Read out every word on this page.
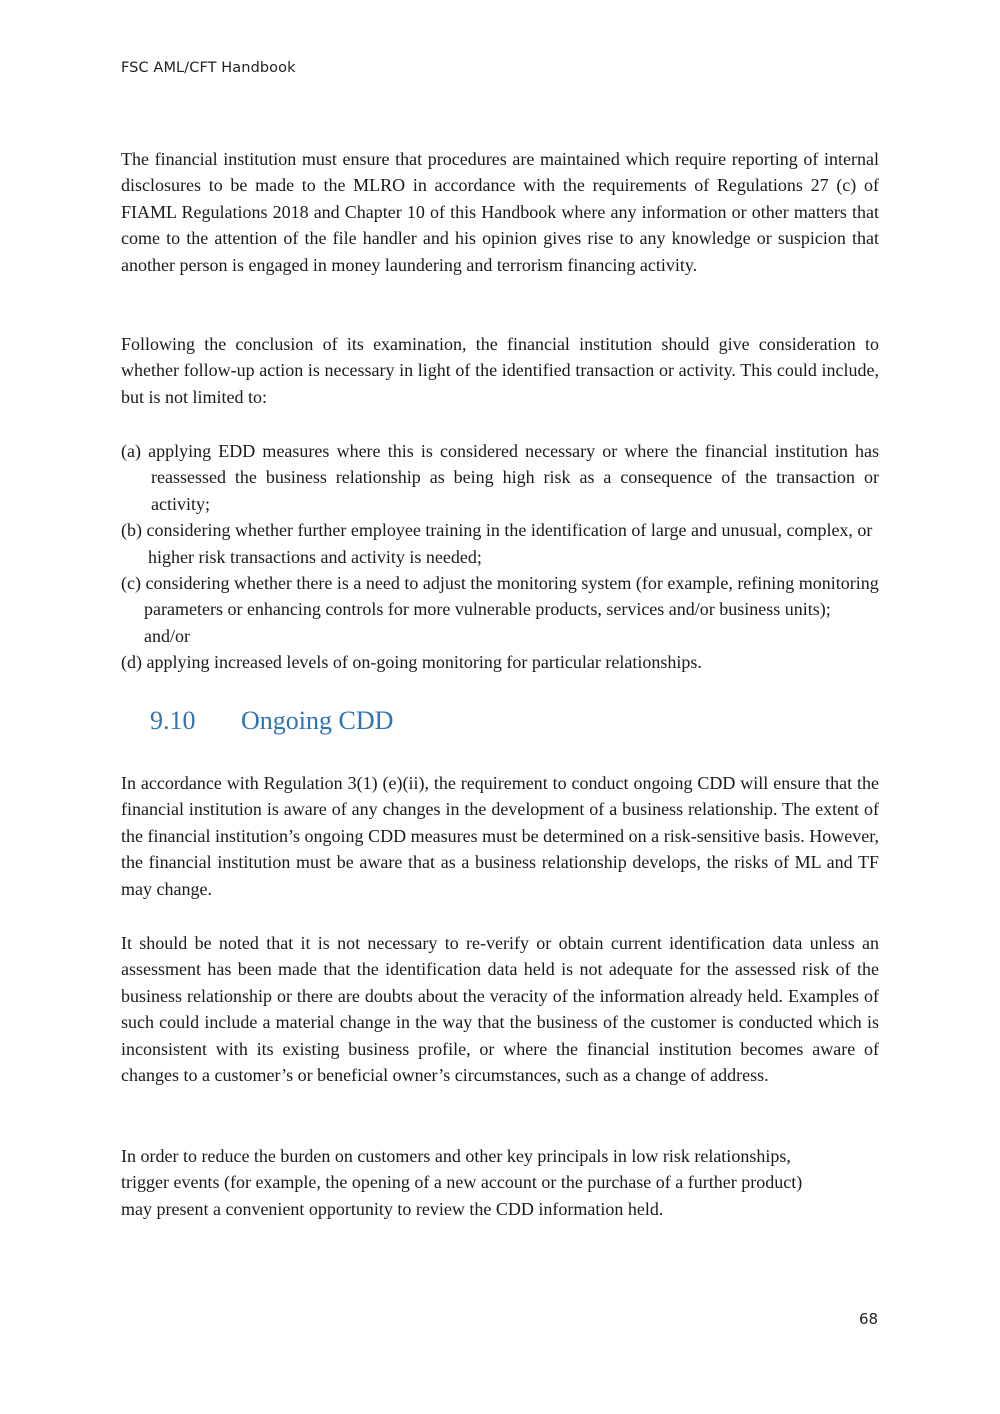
FSC AML/CFT Handbook

The financial institution must ensure that procedures are maintained which require reporting of internal disclosures to be made to the MLRO in accordance with the requirements of Regulations 27 (c) of FIAML Regulations 2018 and Chapter 10 of this Handbook where any information or other matters that come to the attention of the file handler and his opinion gives rise to any knowledge or suspicion that another person is engaged in money laundering and terrorism financing activity.

Following the conclusion of its examination, the financial institution should give consideration to whether follow-up action is necessary in light of the identified transaction or activity. This could include, but is not limited to:

(a) applying EDD measures where this is considered necessary or where the financial institution has reassessed the business relationship as being high risk as a consequence of the transaction or activity;
(b) considering whether further employee training in the identification of large and unusual, complex, or higher risk transactions and activity is needed;
(c) considering whether there is a need to adjust the monitoring system (for example, refining monitoring parameters or enhancing controls for more vulnerable products, services and/or business units); and/or
(d) applying increased levels of on-going monitoring for particular relationships.
9.10 Ongoing CDD

In accordance with Regulation 3(1) (e)(ii), the requirement to conduct ongoing CDD will ensure that the financial institution is aware of any changes in the development of a business relationship. The extent of the financial institution’s ongoing CDD measures must be determined on a risk-sensitive basis. However, the financial institution must be aware that as a business relationship develops, the risks of ML and TF may change.

It should be noted that it is not necessary to re-verify or obtain current identification data unless an assessment has been made that the identification data held is not adequate for the assessed risk of the business relationship or there are doubts about the veracity of the information already held. Examples of such could include a material change in the way that the business of the customer is conducted which is inconsistent with its existing business profile, or where the financial institution becomes aware of changes to a customer’s or beneficial owner’s circumstances, such as a change of address.

In order to reduce the burden on customers and other key principals in low risk relationships,
trigger events (for example, the opening of a new account or the purchase of a further product)
may present a convenient opportunity to review the CDD information held.
68
